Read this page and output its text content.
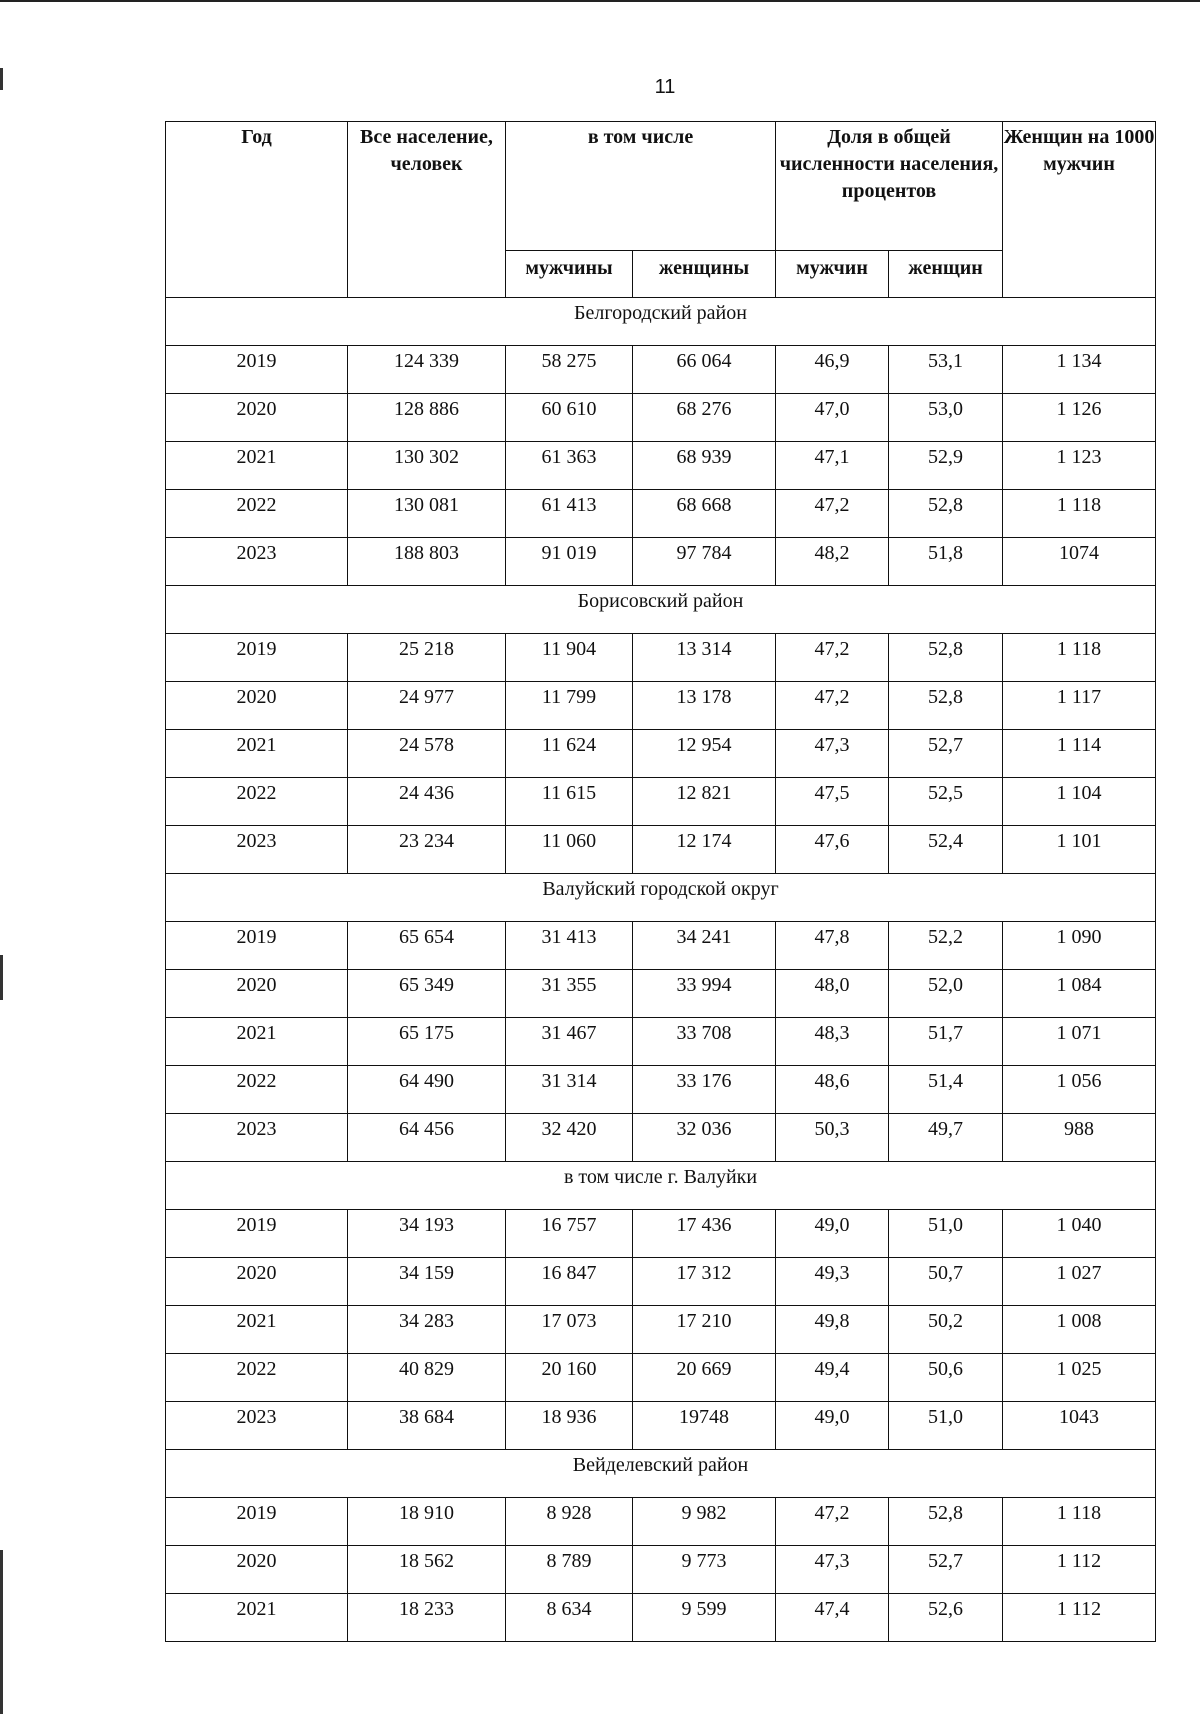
11
Год	Все население, человек	в том числе		Доля в общей численности населения, процентов		Женщин на 1000 мужчин
		мужчины	женщины	мужчин	женщин	
Белгородский район						
2019	124 339	58 275	66 064	46,9	53,1	1 134
2020	128 886	60 610	68 276	47,0	53,0	1 126
2021	130 302	61 363	68 939	47,1	52,9	1 123
2022	130 081	61 413	68 668	47,2	52,8	1 118
2023	188 803	91 019	97 784	48,2	51,8	1074
Борисовский район						
2019	25 218	11 904	13 314	47,2	52,8	1 118
2020	24 977	11 799	13 178	47,2	52,8	1 117
2021	24 578	11 624	12 954	47,3	52,7	1 114
2022	24 436	11 615	12 821	47,5	52,5	1 104
2023	23 234	11 060	12 174	47,6	52,4	1 101
Валуйский городской округ						
2019	65 654	31 413	34 241	47,8	52,2	1 090
2020	65 349	31 355	33 994	48,0	52,0	1 084
2021	65 175	31 467	33 708	48,3	51,7	1 071
2022	64 490	31 314	33 176	48,6	51,4	1 056
2023	64 456	32 420	32 036	50,3	49,7	988
в том числе г. Валуйки						
2019	34 193	16 757	17 436	49,0	51,0	1 040
2020	34 159	16 847	17 312	49,3	50,7	1 027
2021	34 283	17 073	17 210	49,8	50,2	1 008
2022	40 829	20 160	20 669	49,4	50,6	1 025
2023	38 684	18 936	19748	49,0	51,0	1043
Вейделевский район						
2019	18 910	8 928	9 982	47,2	52,8	1 118
2020	18 562	8 789	9 773	47,3	52,7	1 112
2021	18 233	8 634	9 599	47,4	52,6	1 112
